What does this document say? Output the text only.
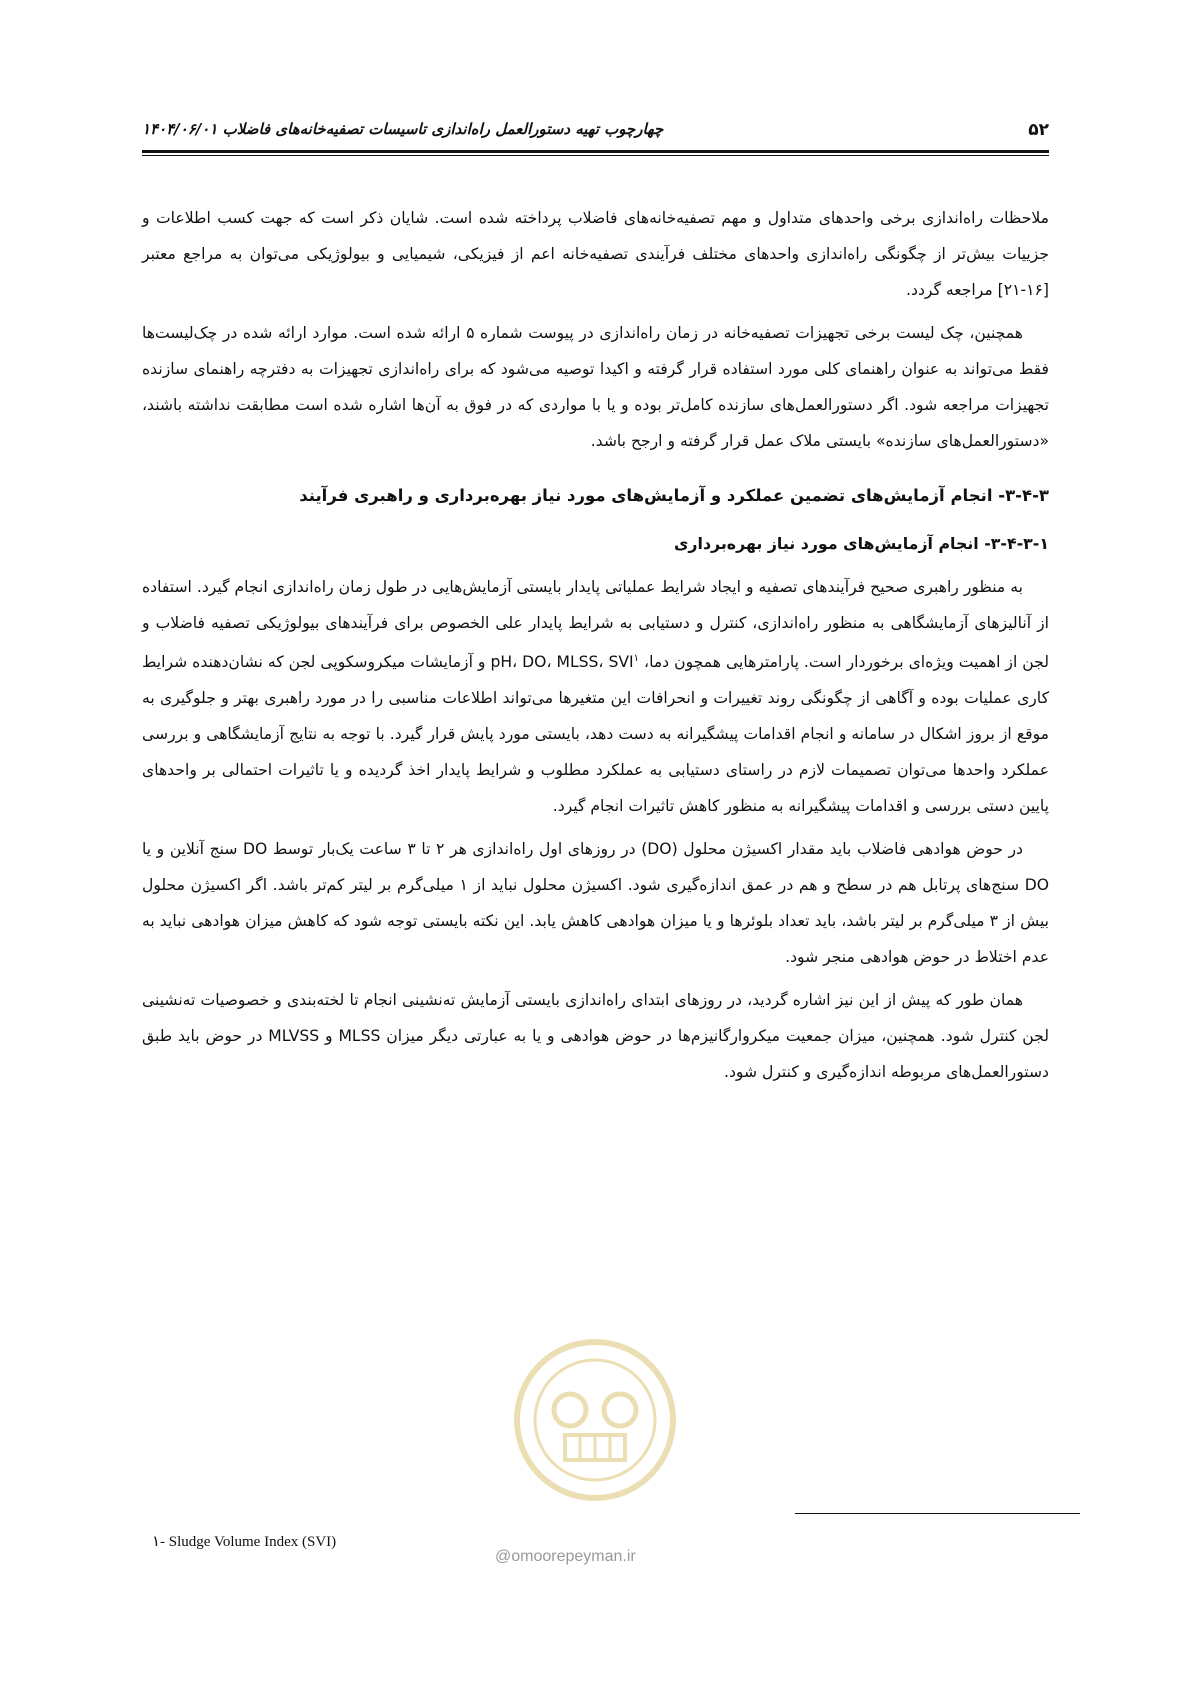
۵۲
چهارچوب تهیه دستورالعمل راه‌اندازی تاسیسات تصفیه‌خانه‌های فاضلاب ۱۴۰۴/۰۶/۰۱

ملاحظات راه‌اندازی برخی واحدهای متداول و مهم تصفیه‌خانه‌های فاضلاب پرداخته شده است. شایان ذکر است که جهت کسب اطلاعات و جزییات بیش‌تر از چگونگی راه‌اندازی واحدهای مختلف فرآیندی تصفیه‌خانه اعم از فیزیکی، شیمیایی و بیولوژیکی می‌توان به مراجع معتبر [۱۶-۲۱] مراجعه گردد.

همچنین، چک لیست برخی تجهیزات تصفیه‌خانه در زمان راه‌اندازی در پیوست شماره ۵ ارائه شده است. موارد ارائه شده در چک‌لیست‌ها فقط می‌تواند به عنوان راهنمای کلی مورد استفاده قرار گرفته و اکیدا توصیه می‌شود که برای راه‌اندازی تجهیزات به دفترچه راهنمای سازنده تجهیزات مراجعه شود. اگر دستورالعمل‌های سازنده کامل‌تر بوده و یا با مواردی که در فوق به آن‌ها اشاره شده است مطابقت نداشته باشند، «دستورالعمل‌های سازنده» بایستی ملاک عمل قرار گرفته و ارجح باشد.

۳-۴-۳- انجام آزمایش‌های تضمین عملکرد و آزمایش‌های مورد نیاز بهره‌برداری و راهبری فرآیند
۳-۴-۳-۱- انجام آزمایش‌های مورد نیاز بهره‌برداری

به منظور راهبری صحیح فرآیندهای تصفیه و ایجاد شرایط عملیاتی پایدار بایستی آزمایش‌هایی در طول زمان راه‌اندازی انجام گیرد. استفاده از آنالیزهای آزمایشگاهی به منظور راه‌اندازی، کنترل و دستیابی به شرایط پایدار علی الخصوص برای فرآیندهای بیولوژیکی تصفیه فاضلاب و لجن از اهمیت ویژه‌ای برخوردار است. پارامترهایی همچون دما، pH، DO، MLSS، SVI$^۱$ و آزمایشات میکروسکوپی لجن که نشان‌دهنده شرایط کاری عملیات بوده و آگاهی از چگونگی روند تغییرات و انحرافات این متغیرها می‌تواند اطلاعات مناسبی را در مورد راهبری بهتر و جلوگیری به موقع از بروز اشکال در سامانه و انجام اقدامات پیشگیرانه به دست دهد، بایستی مورد پایش قرار گیرد. با توجه به نتایج آزمایشگاهی و بررسی عملکرد واحدها می‌توان تصمیمات لازم در راستای دستیابی به عملکرد مطلوب و شرایط پایدار اخذ گردیده و یا تاثیرات احتمالی بر واحدهای پایین دستی بررسی و اقدامات پیشگیرانه به منظور کاهش تاثیرات انجام گیرد.

در حوض هوادهی فاضلاب باید مقدار اکسیژن محلول (DO) در روزهای اول راه‌اندازی هر ۲ تا ۳ ساعت یک‌بار توسط DO سنج آنلاین و یا DO سنج‌های پرتابل هم در سطح و هم در عمق اندازه‌گیری شود. اکسیژن محلول نباید از ۱ میلی‌گرم بر لیتر کم‌تر باشد. اگر اکسیژن محلول بیش از ۳ میلی‌گرم بر لیتر باشد، باید تعداد بلوئرها و یا میزان هوادهی کاهش یابد. این نکته بایستی توجه شود که کاهش میزان هوادهی نباید به عدم اختلاط در حوض هوادهی منجر شود.

همان طور که پیش از این نیز اشاره گردید، در روزهای ابتدای راه‌اندازی بایستی آزمایش ته‌نشینی انجام تا لخته‌بندی و خصوصیات ته‌نشینی لجن کنترل شود. همچنین، میزان جمعیت میکروارگانیزم‌ها در حوض هوادهی و یا به عبارتی دیگر میزان MLSS و MLVSS در حوض باید طبق دستورالعمل‌های مربوطه اندازه‌گیری و کنترل شود.

@omoorepeyman.ir
۱- Sludge Volume Index (SVI)
